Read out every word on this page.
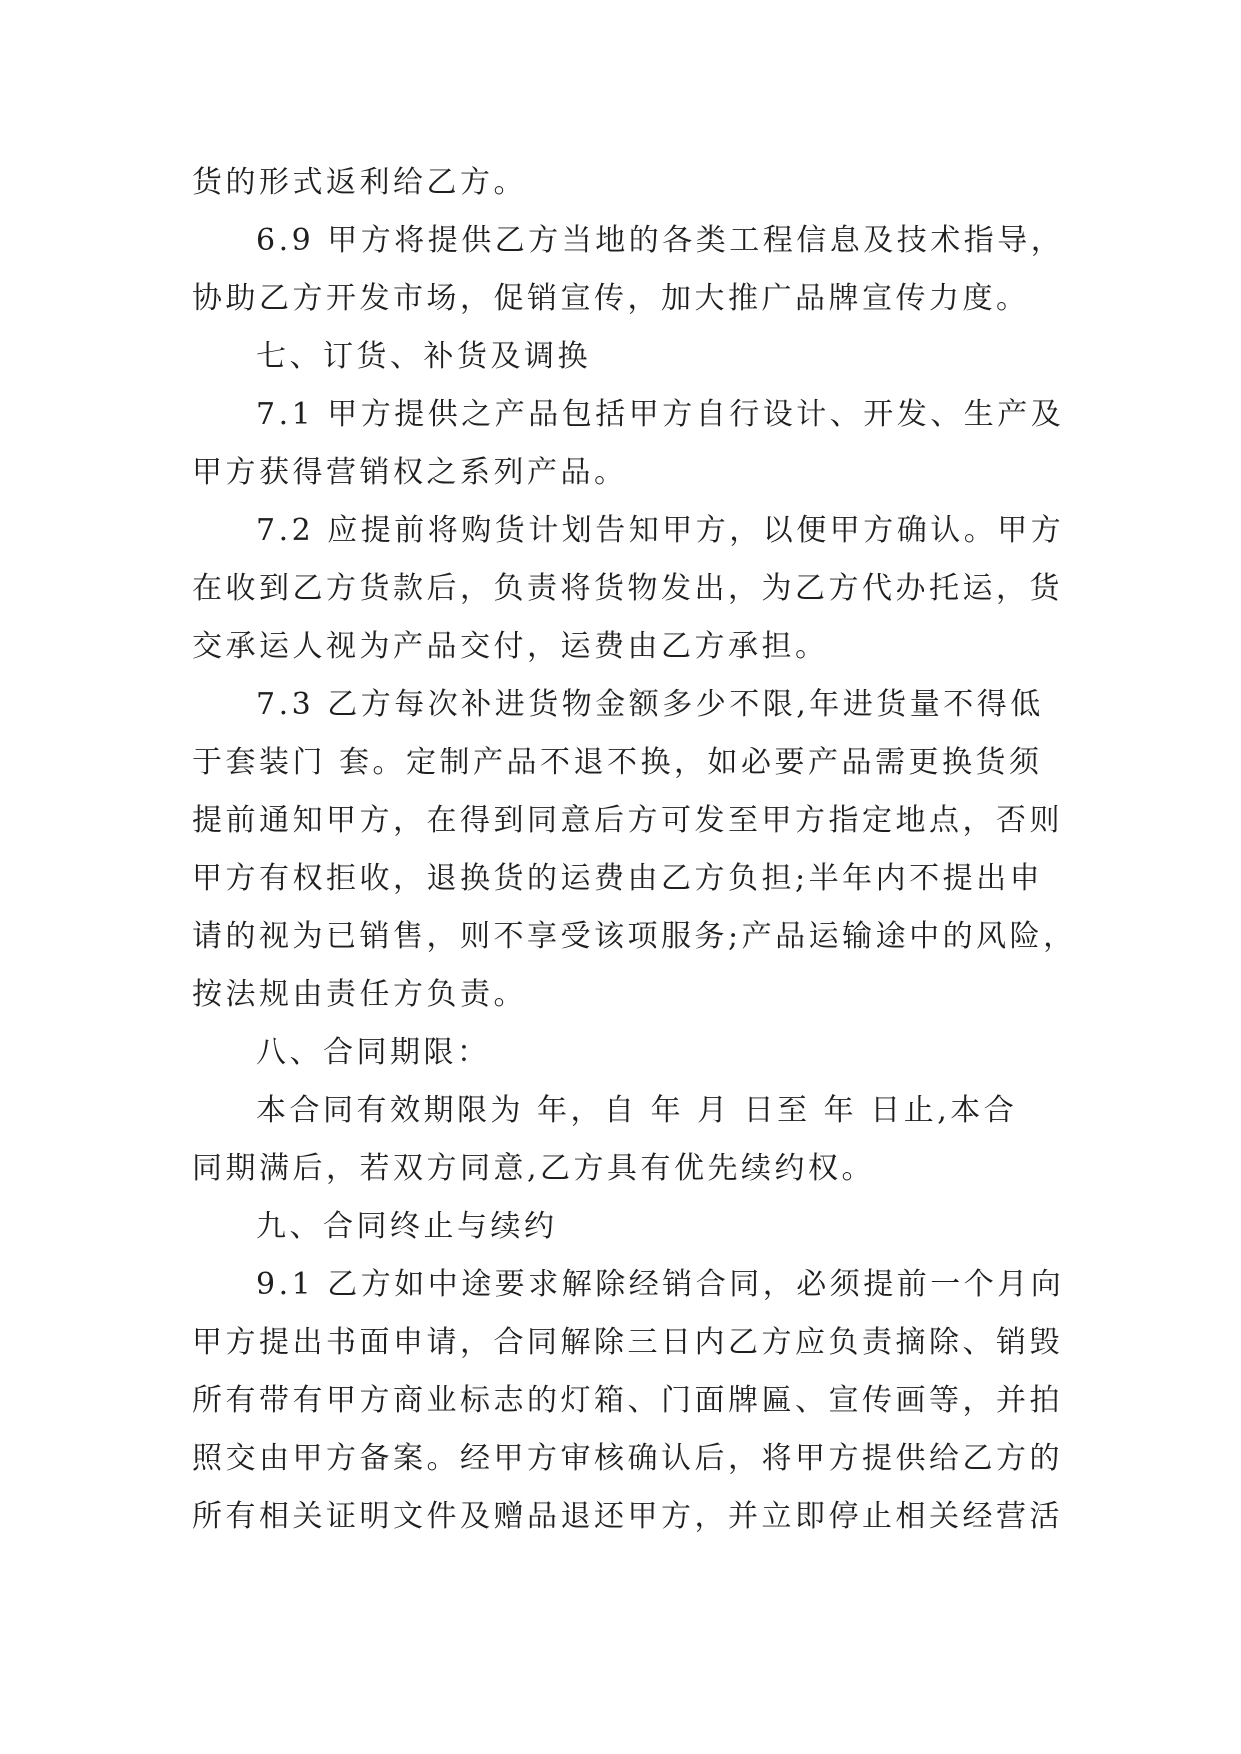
货的形式返利给乙方。
6.9 甲方将提供乙方当地的各类工程信息及技术指导，
协助乙方开发市场，促销宣传，加大推广品牌宣传力度。
七、订货、补货及调换
7.1 甲方提供之产品包括甲方自行设计、开发、生产及
甲方获得营销权之系列产品。
7.2 应提前将购货计划告知甲方，以便甲方确认。甲方
在收到乙方货款后，负责将货物发出，为乙方代办托运，货
交承运人视为产品交付，运费由乙方承担。
7.3 乙方每次补进货物金额多少不限,年进货量不得低
于套装门 套。定制产品不退不换，如必要产品需更换货须
提前通知甲方，在得到同意后方可发至甲方指定地点，否则
甲方有权拒收，退换货的运费由乙方负担;半年内不提出申
请的视为已销售，则不享受该项服务;产品运输途中的风险，
按法规由责任方负责。
八、合同期限：
本合同有效期限为 年，自 年 月 日至 年 日止,本合
同期满后，若双方同意,乙方具有优先续约权。
九、合同终止与续约
9.1 乙方如中途要求解除经销合同，必须提前一个月向
甲方提出书面申请，合同解除三日内乙方应负责摘除、销毁
所有带有甲方商业标志的灯箱、门面牌匾、宣传画等，并拍
照交由甲方备案。经甲方审核确认后，将甲方提供给乙方的
所有相关证明文件及赠品退还甲方，并立即停止相关经营活
